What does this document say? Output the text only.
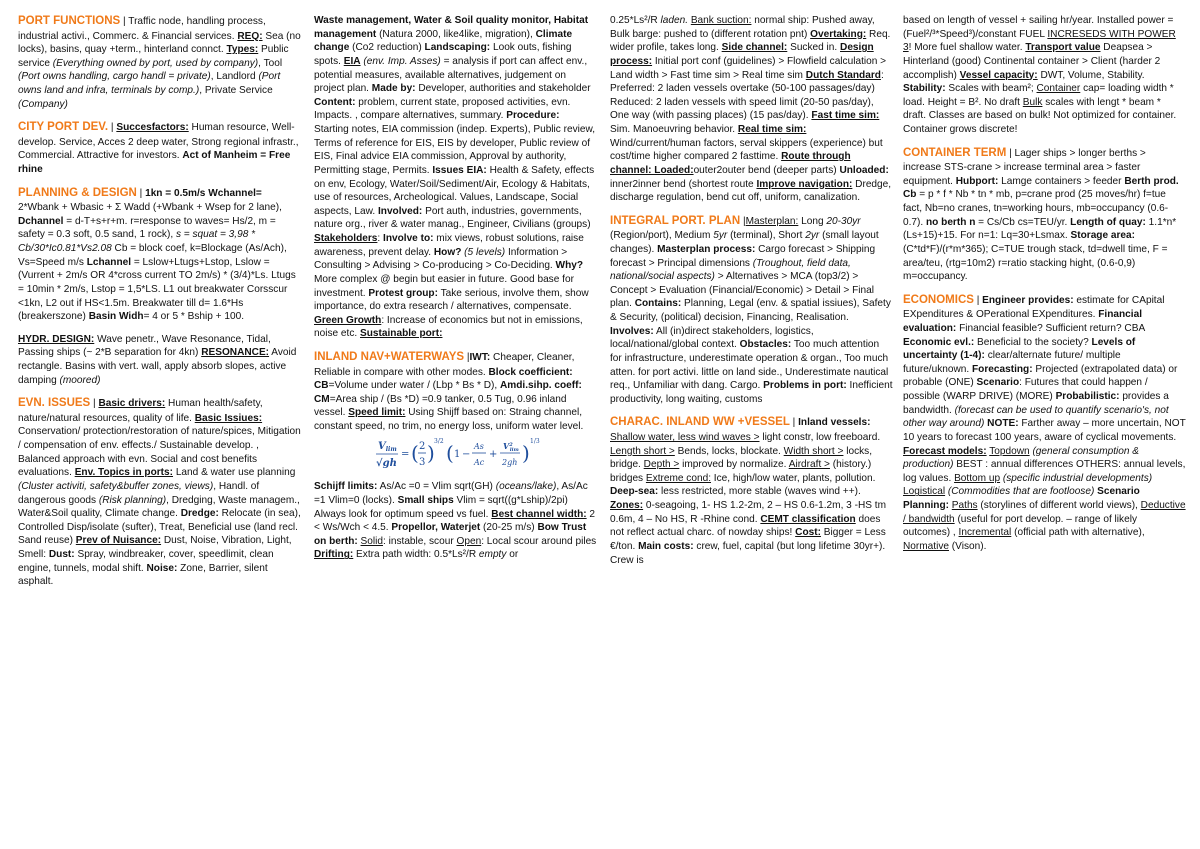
PORT FUNCTIONS | Traffic node, handling process, industrial activi., Commerc. & Financial services. REQ: Sea (no locks), basins, quay +term., hinterland connct. Types: Public service (Everything owned by port, used by company), Tool (Port owns handling, cargo handl = private), Landlord (Port owns land and infra, terminals by comp.), Private Service (Company)
CITY PORT DEV. | Succesfactors: Human resource, Well-develop. Service, Acces 2 deep water, Strong regional infrastr., Commercial. Attractive for investors. Act of Manheim = Free rhine
PLANNING & DESIGN | 1kn = 0.5m/s Wchannel= 2*Wbank + Wbasic + Σ Wadd (+Wbank + Wsep for 2 lane), Dchannel = d-T+s+r+m. r=response to waves= Hs/2, m = safety = 0.3 soft, 0.5 sand, 1 rock), s = squat = 3,98 * Cb/30*Ic0.81*Vs2.08 Cb = block coef, k=Blockage (As/Ach), Vs=Speed m/s Lchannel = Lslow+Ltugs+Lstop, Lslow = (Vurrent + 2m/s OR 4*cross current TO 2m/s) * (3/4)*Ls. Ltugs = 10min * 2m/s, Lstop = 1,5*LS. L1 out breakwater Corsscur <1kn, L2 out if HS<1.5m. Breakwater till d= 1.6*Hs (breakerszone) Basin Widh= 4 or 5 * Bship + 100.
HYDR. DESIGN: Wave penetr., Wave Resonance, Tidal, Passing ships (~ 2*B separation for 4kn) RESONANCE: Avoid rectangle. Basins with vert. wall, apply absorb slopes, active damping (moored)
EVN. ISSUES | Basic drivers: Human health/safety, nature/natural resources, quality of life. Basic Issiues: Conservation/ protection/restoration of nature/spices, Mitigation / compensation of env. effects./ Sustainable develop. , Balanced approach with evn. Social and cost benefits evaluations. Env. Topics in ports: Land & water use planning (Cluster activiti, safety&buffer zones, views), Handl. of dangerous goods (Risk planning), Dredging, Waste managem., Water&Soil quality, Climate change. Dredge: Relocate (in sea), Controlled Disp/isolate (sufter), Treat, Beneficial use (land recl. Sand reuse) Prev of Nuisance: Dust, Noise, Vibration, Light, Smell: Dust: Spray, windbreaker, cover, speedlimit, clean engine, tunnels, modal shift. Noise: Zone, Barrier, silent asphalt.
Waste management, Water & Soil quality monitor, Habitat management (Natura 2000, like4like, migration), Climate change (Co2 reduction) Landscaping: Look outs, fishing spots. EIA (env. Imp. Asses) = analysis if port can affect env., potential measures, available alternatives, judgement on project plan. Made by: Developer, authorities and stakeholder Content: problem, current state, proposed activities, evn. Impacts. , compare alternatives, summary. Procedure: Starting notes, EIA commission (indep. Experts), Public review, Terms of reference for EIS, EIS by developer, Public review of EIS, Final advice EIA commission, Approval by authority, Permitting stage, Permits. Issues EIA: Health & Safety, effects on env, Ecology, Water/Soil/Sediment/Air, Ecology & Habitats, use of resources, Archeological. Values, Landscape, Social aspects, Law. Involved: Port auth, industries, governments, nature org., river & water manag., Engineer, Civilians (groups) Stakeholders: Involve to: mix views, robust solutions, raise awareness, prevent delay. How? (5 levels) Information > Consulting > Advising > Co-producing > Co-Deciding. Why? More complex @ begin but easier in future. Good base for investment. Protest group: Take serious, involve them, show importance, do extra research / alternatives, compensate. Green Growth: Increase of economics but not in emissions, noise etc. Sustainable port:
INLAND NAV+WATERWAYS |IWT: Cheaper, Cleaner, Reliable in compare with other modes. Block coefficient: CB=Volume under water / (Lbp * Bs * D), Amdi.sihp. coeff: CM=Area ship / (Bs *D) =0.9 tanker, 0.5 Tug, 0.96 inland vessel. Speed limit: Using Shijff based on: Straing channel, constant speed, no trim, no energy loss, uniform water level.
$V_{lim}$
√gh
= ( 2
3 ) 3/2 ( 1 −
As
Ac
+
$V^2$ lim
2gh ) 1/3
Schijff limits: As/Ac =0 = Vlim sqrt(GH) (oceans/lake), As/Ac =1 Vlim=0 (locks). Small ships Vlim = sqrt((g*Lship)/2pi) Always look for optimum speed vs fuel. Best channel width: 2 < Ws/Wch < 4.5. Propellor, Waterjet (20-25 m/s) Bow Trust on berth: Solid: instable, scour Open: Local scour around piles Drifting: Extra path width: 0.5*Ls²/R empty or
0.25*Ls²/R laden. Bank suction: normal ship: Pushed away, Bulk barge: pushed to (different rotation pnt) Overtaking: Req. wider profile, takes long. Side channel: Sucked in. Design process: Initial port conf (guidelines) > Flowfield calculation > Land width > Fast time sim > Real time sim Dutch Standard: Preferred: 2 laden vessels overtake (50-100 passages/day) Reduced: 2 laden vessels with speed limit (20-50 pas/day), One way (with passing places) (15 pas/day). Fast time sim: Sim. Manoeuvring behavior. Real time sim: Wind/current/human factors, serval skippers (experience) but cost/time higher compared 2 fasttime. Route through channel: Loaded:outer2outer bend (deeper parts) Unloaded: inner2inner bend (shortest route Improve navigation: Dredge, discharge regulation, bend cut off, uniform, canalization.
INTEGRAL PORT. PLAN |Masterplan: Long 20-30yr (Region/port), Medium 5yr (terminal), Short 2yr (small layout changes). Masterplan process: Cargo forecast > Shipping forecast > Principal dimensions (Troughout, field data, national/social aspects) > Alternatives > MCA (top3/2) > Concept > Evaluation (Financial/Economic) > Detail > Final plan. Contains: Planning, Legal (env. & spatial issiues), Safety & Security, (political) decision, Financing, Realisation. Involves: All (in)direct stakeholders, logistics, local/national/global context. Obstacles: Too much attention for infrastructure, underestimate operation & organ., Too much atten. for port activi. little on land side., Underestimate nautical req., Unfamiliar with dang. Cargo. Problems in port: Inefficient productivity, long waiting, customs
CHARAC. INLAND WW +VESSEL | Inland vessels: Shallow water, less wind waves > light constr, low freeboard. Length short > Bends, locks, blockate. Width short > locks, bridge. Depth > improved by normalize. Airdraft > (history.) bridges Extreme cond: Ice, high/low water, plants, pollution. Deep-sea: less restricted, more stable (waves wind ++). Zones: 0-seagoing, 1- HS 1.2-2m, 2 – HS 0.6-1.2m, 3 -HS tm 0.6m, 4 – No HS, R -Rhine cond. CEMT classification does not reflect actual charc. of nowday ships! Cost: Bigger = Less €/ton. Main costs: crew, fuel, capital (but long lifetime 30yr+). Crew is
based on length of vessel + sailing hr/year. Installed power = (Fuel²/³*Speed³)/constant FUEL INCRESEDS WITH POWER 3! More fuel shallow water. Transport value Deapsea > Hinterland (good) Continental container > Client (harder 2 accomplish) Vessel capacity: DWT, Volume, Stability. Stability: Scales with beam²; Container cap= loading width * load. Height = B². No draft Bulk scales with lengt * beam * draft. Classes are based on bulk! Not optimized for container. Container grows discrete!
CONTAINER TERM | Lager ships > longer berths > increase STS-crane > increase terminal area > faster equipment. Hubport: Lamge containers > feeder Berth prod. Cb = p * f * Nb * tn * mb, p=crane prod (25 moves/hr) f=tue fact, Nb=no cranes, tn=working hours, mb=occupancy (0.6-0.7). no berth n = Cs/Cb cs=TEU/yr. Length of quay: 1.1*n*(Ls+15)+15. For n=1: Lq=30+Lsmax. Storage area: (C*td*F)/(r*m*365); C=TUE trough stack, td=dwell time, F = area/teu, (rtg=10m2) r=ratio stacking hight, (0.6-0,9) m=occupancy.
ECONOMICS | Engineer provides: estimate for CApital EXpenditures & OPerational EXpenditures. Financial evaluation: Financial feasible? Sufficient return? CBA Economic evl.: Beneficial to the society? Levels of uncertainty (1-4): clear/alternate future/ multiple future/uknown. Forecasting: Projected (extrapolated data) or probable (ONE) Scenario: Futures that could happen / possible (WARP DRIVE) (MORE) Probabilistic: provides a bandwidth. (forecast can be used to quantify scenario's, not other way around) NOTE: Farther away – more uncertain, NOT 10 years to forecast 100 years, aware of cyclical movements. Forecast models: Topdown (general consumption & production) BEST : annual differences OTHERS: annual levels, log values. Bottom up (specific industrial developments) Logistical (Commodities that are footloose) Scenario Planning: Paths (storylines of different world views), Deductive / bandwidth (useful for port develop. – range of likely outcomes) , Incremental (official path with alternative), Normative (Vison).
